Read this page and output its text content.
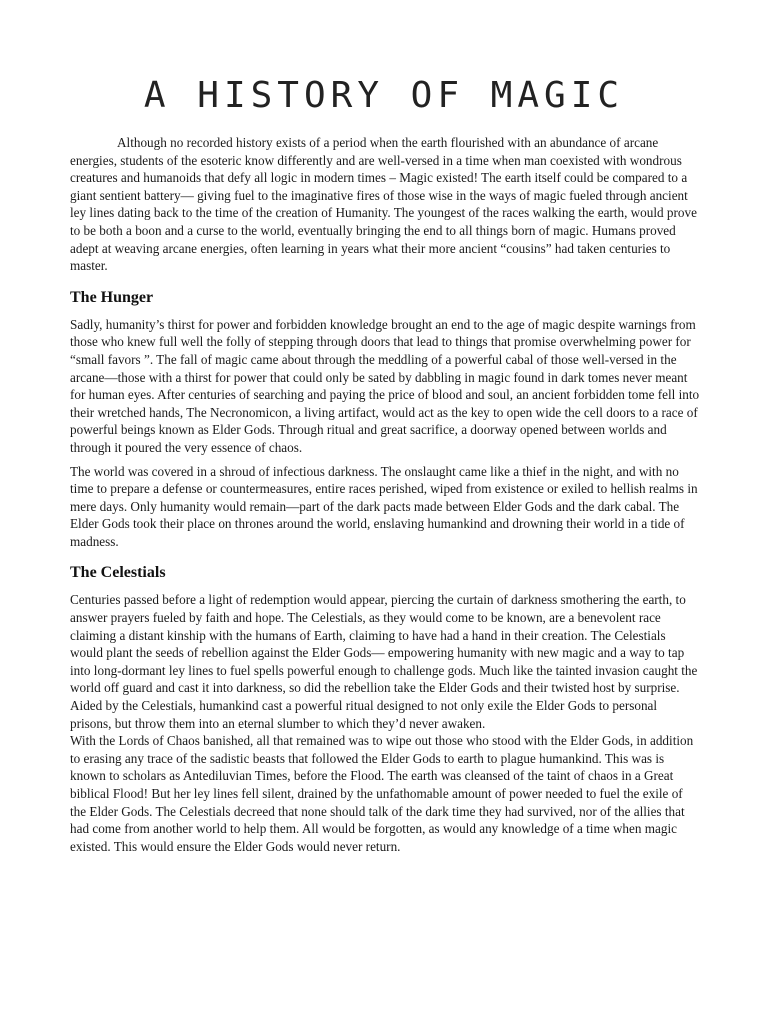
A HISTORY OF MAGIC

Although no recorded history exists of a period when the earth flourished with an abundance of arcane energies, students of the esoteric know differently and are well-versed in a time when man coexisted with wondrous creatures and humanoids that defy all logic in modern times – Magic existed! The earth itself could be compared to a giant sentient battery— giving fuel to the imaginative fires of those wise in the ways of magic fueled through ancient ley lines dating back to the time of the creation of Humanity. The youngest of the races walking the earth, would prove to be both a boon and a curse to the world, eventually bringing the end to all things born of magic. Humans proved adept at weaving arcane energies, often learning in years what their more ancient “cousins” had taken centuries to master.

The Hunger

Sadly, humanity’s thirst for power and forbidden knowledge brought an end to the age of magic despite warnings from those who knew full well the folly of stepping through doors that lead to things that promise overwhelming power for “small favors ”. The fall of magic came about through the meddling of a powerful cabal of those well-versed in the arcane—those with a thirst for power that could only be sated by dabbling in magic found in dark tomes never meant for human eyes. After centuries of searching and paying the price of blood and soul, an ancient forbidden tome fell into their wretched hands, The Necronomicon, a living artifact, would act as the key to open wide the cell doors to a race of powerful beings known as Elder Gods. Through ritual and great sacrifice, a doorway opened between worlds and through it poured the very essence of chaos.

The world was covered in a shroud of infectious darkness. The onslaught came like a thief in the night, and with no time to prepare a defense or countermeasures, entire races perished, wiped from existence or exiled to hellish realms in mere days. Only humanity would remain—part of the dark pacts made between Elder Gods and the dark cabal. The Elder Gods took their place on thrones around the world, enslaving humankind and drowning their world in a tide of madness.

The Celestials

Centuries passed before a light of redemption would appear, piercing the curtain of darkness smothering the earth, to answer prayers fueled by faith and hope. The Celestials, as they would come to be known, are a benevolent race claiming a distant kinship with the humans of Earth, claiming to have had a hand in their creation. The Celestials would plant the seeds of rebellion against the Elder Gods— empowering humanity with new magic and a way to tap into long-dormant ley lines to fuel spells powerful enough to challenge gods. Much like the tainted invasion caught the world off guard and cast it into darkness, so did the rebellion take the Elder Gods and their twisted host by surprise. Aided by the Celestials, humankind cast a powerful ritual designed to not only exile the Elder Gods to personal prisons, but throw them into an eternal slumber to which they’d never awaken.

With the Lords of Chaos banished, all that remained was to wipe out those who stood with the Elder Gods, in addition to erasing any trace of the sadistic beasts that followed the Elder Gods to earth to plague humankind. This was is known to scholars as Antediluvian Times, before the Flood. The earth was cleansed of the taint of chaos in a Great biblical Flood! But her ley lines fell silent, drained by the unfathomable amount of power needed to fuel the exile of the Elder Gods. The Celestials decreed that none should talk of the dark time they had survived, nor of the allies that had come from another world to help them. All would be forgotten, as would any knowledge of a time when magic existed. This would ensure the Elder Gods would never return.
